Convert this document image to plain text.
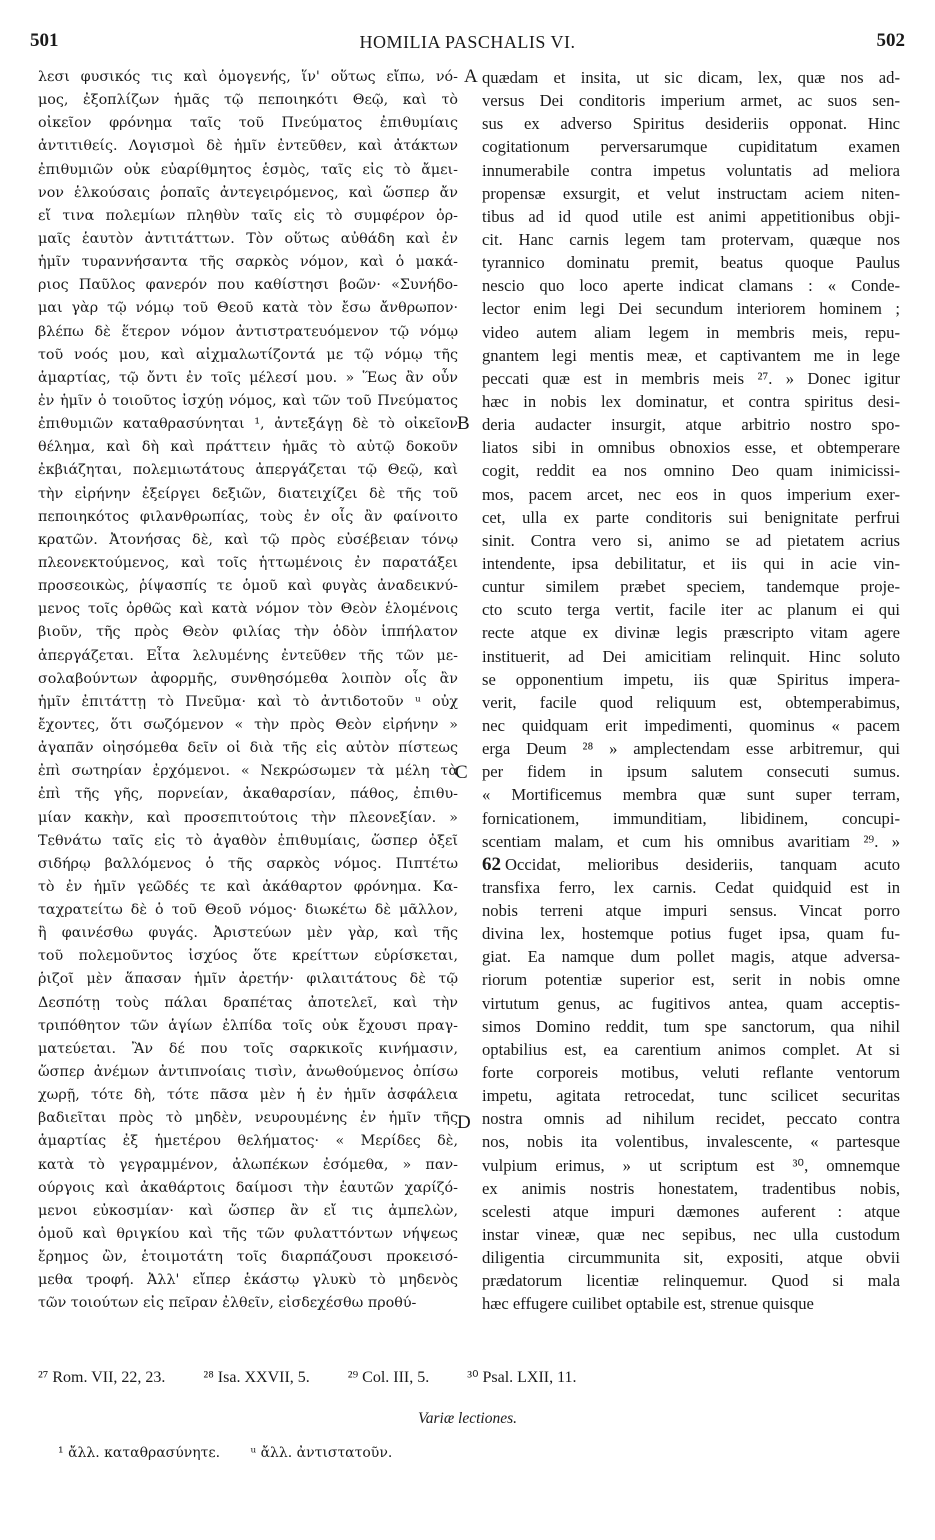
501	HOMILIA PASCHALIS VI.	502
λεσι φυσικός τις καὶ ὁμογενής, ἵν' οὕτως εἴπω, νό-
μος, ἐξοπλίζων ἡμᾶς τῷ πεποιηκότι Θεῷ, καὶ τὸ
οἰκεῖον φρόνημα ταῖς τοῦ Πνεύματος ἐπιθυμίαις
ἀντιτιθείς. Λογισμοὶ δὲ ἡμῖν ἐντεῦθεν, καὶ ἀτάκτων
ἐπιθυμιῶν οὐκ εὐαρίθμητος ἑσμὸς, ταῖς εἰς τὸ ἄμει-
νον ἑλκούσαις ῥοπαῖς ἀντεγειρόμενος, καὶ ὥσπερ ἄν
εἴ τινα πολεμίων πληθὺν ταῖς εἰς τὸ συμφέρον ὁρ-
μαῖς ἑαυτὸν ἀντιτάττων. Τὸν οὕτως αὐθάδη καὶ ἐν
ἡμῖν τυραννήσαντα τῆς σαρκὸς νόμον, καὶ ὁ μακά-
ριος Παῦλος φανερόν που καθίστησι βοῶν· «Συνήδο-
μαι γὰρ τῷ νόμῳ τοῦ Θεοῦ κατὰ τὸν ἔσω ἄνθρωπον·
βλέπω δὲ ἕτερον νόμον ἀντιστρατευόμενον τῷ νόμῳ
τοῦ νοός μου, καὶ αἰχμαλωτίζοντά με τῷ νόμῳ τῆς
ἁμαρτίας, τῷ ὄντι ἐν τοῖς μέλεσί μου. » Ἕως ἂν οὖν
ἐν ἡμῖν ὁ τοιοῦτος ἰσχύῃ νόμος, καὶ τῶν τοῦ Πνεύματος
ἐπιθυμιῶν καταθρασύνηται ¹, ἀντεξάγῃ δὲ τὸ οἰκεῖον
θέλημα, καὶ δὴ καὶ πράττειν ἡμᾶς τὸ αὐτῷ δοκοῦν
ἐκβιάζηται, πολεμιωτάτους ἀπεργάζεται τῷ Θεῷ, καὶ
τὴν εἰρήνην ἐξείργει δεξιῶν, διατειχίζει δὲ τῆς τοῦ
πεποιηκότος φιλανθρωπίας, τοὺς ἐν οἷς ἂν φαίνοιτο
κρατῶν. Ἀτονήσας δὲ, καὶ τῷ πρὸς εὐσέβειαν τόνῳ
πλεονεκτούμενος, καὶ τοῖς ἡττωμένοις ἐν παρατάξει
προσεοικὼς, ῥίψασπίς τε ὁμοῦ καὶ φυγὰς ἀναδεικνύ-
μενος τοῖς ὀρθῶς καὶ κατὰ νόμον τὸν Θεὸν ἑλομένοις
βιοῦν, τῆς πρὸς Θεὸν φιλίας τὴν ὁδὸν ἱππήλατον
ἀπεργάζεται. Εἶτα λελυμένης ἐντεῦθεν τῆς τῶν με-
σολαβούντων ἀφορμῆς, συνθησόμεθα λοιπὸν οἷς ἂν
ἡμῖν ἐπιτάττῃ τὸ Πνεῦμα· καὶ τὸ ἀντιδοτοῦν ᵘ οὐχ
ἔχοντες, ὅτι σωζόμενον « τὴν πρὸς Θεὸν εἰρήνην »
ἀγαπᾶν οἰησόμεθα δεῖν οἱ διὰ τῆς εἰς αὐτὸν πίστεως
ἐπὶ σωτηρίαν ἐρχόμενοι. « Νεκρώσωμεν τὰ μέλη τὰ
ἐπὶ τῆς γῆς, πορνείαν, ἀκαθαρσίαν, πάθος, ἐπιθυ-
μίαν κακὴν, καὶ προσεπιτούτοις τὴν πλεονεξίαν. »
Τεθνάτω ταῖς εἰς τὸ ἀγαθὸν ἐπιθυμίαις, ὥσπερ ὀξεῖ
σιδήρῳ βαλλόμενος ὁ τῆς σαρκὸς νόμος. Πιπτέτω
τὸ ἐν ἡμῖν γεῶδές τε καὶ ἀκάθαρτον φρόνημα. Κα-
ταχρατείτω δὲ ὁ τοῦ Θεοῦ νόμος· διωκέτω δὲ μᾶλλον,
ἢ φαινέσθω φυγάς. Ἀριστεύων μὲν γὰρ, καὶ τῆς
τοῦ πολεμοῦντος ἰσχύος ὅτε κρείττων εὑρίσκεται,
ῥιζοῖ μὲν ἅπασαν ἡμῖν ἀρετήν· φιλαιτάτους δὲ τῷ
Δεσπότῃ τοὺς πάλαι δραπέτας ἀποτελεῖ, καὶ τὴν
τριπόθητον τῶν ἁγίων ἐλπίδα τοῖς οὐκ ἔχουσι πραγ-
ματεύεται. Ἂν δέ που τοῖς σαρκικοῖς κινήμασιν,
ὥσπερ ἀνέμων ἀντιπνοίαις τισὶν, ἀνωθούμενος ὀπίσω
χωρῇ, τότε δὴ, τότε πᾶσα μὲν ἡ ἐν ἡμῖν ἀσφάλεια
βαδιεῖται πρὸς τὸ μηδὲν, νευρουμένης ἐν ἡμῖν τῆς
ἁμαρτίας ἐξ ἡμετέρου θελήματος· « Μερίδες δὲ,
κατὰ τὸ γεγραμμένον, ἀλωπέκων ἐσόμεθα, » παν-
ούργοις καὶ ἀκαθάρτοις δαίμοσι τὴν ἑαυτῶν χαρίζό-
μενοι εὐκοσμίαν· καὶ ὥσπερ ἂν εἴ τις ἀμπελὼν,
ὁμοῦ καὶ θριγκίου καὶ τῆς τῶν φυλαττόντων νήψεως
ἔρημος ὢν, ἑτοιμοτάτη τοῖς διαρπάζουσι προκεισό-
μεθα τροφή. Ἀλλ' εἴπερ ἑκάστῳ γλυκὺ τὸ μηδενὸς
τῶν τοιούτων εἰς πεῖραν ἐλθεῖν, εἰσδεχέσθω προθύ-
quædam et insita, ut sic dicam, lex, quæ nos ad-
versus Dei conditoris imperium armet, ac suos sen-
sus ex adverso Spiritus desideriis opponat. Hinc
cogitationum perversarumque cupiditatum examen
innumerabile contra impetus voluntatis ad meliora
propensæ exsurgit, et velut instructam aciem niten-
tibus ad id quod utile est animi appetitionibus obji-
cit. Hanc carnis legem tam protervam, quæque nos
tyrannico dominatu premit, beatus quoque Paulus
nescio quo loco aperte indicat clamans : « Conde-
lector enim legi Dei secundum interiorem hominem ;
video autem aliam legem in membris meis, repu-
gnantem legi mentis meæ, et captivantem me in lege
peccati quæ est in membris meis ²⁷. » Donec igitur
hæc in nobis lex dominatur, et contra spiritus desi-
deria audacter insurgit, atque arbitrio nostro spo-
liatos sibi in omnibus obnoxios esse, et obtemperare
cogit, reddit ea nos omnino Deo quam inimicissi-
mos, pacem arcet, nec eos in quos imperium exer-
cet, ulla ex parte conditoris sui benignitate perfrui
sinit. Contra vero si, animo se ad pietatem acrius
intendente, ipsa debilitatur, et iis qui in acie vin-
cuntur similem præbet speciem, tandemque proje-
cto scuto terga vertit, facile iter ac planum ei qui
recte atque ex divinæ legis præscripto vitam agere
instituerit, ad Dei amicitiam relinquit. Hinc soluto
se opponentium impetu, iis quæ Spiritus impera-
verit, facile quod reliquum est, obtemperabimus,
nec quidquam erit impedimenti, quominus « pacem
erga Deum ²⁸ » amplectendam esse arbitremur, qui
per fidem in ipsum salutem consecuti sumus.
« Mortificemus membra quæ sunt super terram,
fornicationem, immunditiam, libidinem, concupi-
scentiam malam, et cum his omnibus avaritiam ²⁹. »
62 Occidat, melioribus desideriis, tanquam acuto
transfixa ferro, lex carnis. Cedat quidquid est in
nobis terreni atque impuri sensus. Vincat porro
divina lex, hostemque potius fuget ipsa, quam fu-
giat. Ea namque dum pollet magis, atque adversa-
riorum potentiæ superior est, serit in nobis omne
virtutum genus, ac fugitivos antea, quam acceptis-
simos Domino reddit, tum spe sanctorum, qua nihil
optabilius est, ea carentium animos complet. At si
forte corporeis motibus, veluti reflante ventorum
impetu, agitata retrocedat, tunc scilicet securitas
nostra omnis ad nihilum recidet, peccato contra
nos, nobis ita volentibus, invalescente, « partesque
vulpium erimus, » ut scriptum est ³⁰, omnemque
ex animis nostris honestatem, tradentibus nobis,
scelesti atque impuri dæmones auferent : atque
instar vineæ, quæ nec sepibus, nec ulla custodum
diligentia circummunita sit, expositi, atque obvii
prædatorum licentiæ relinquemur. Quod si mala
hæc effugere cuilibet optabile est, strenue quisque
A
B
C
D
²⁷ Rom. VII, 22, 23. ²⁸ Isa. XXVII, 5. ²⁹ Col. III, 5. ³⁰ Psal. LXII, 11.
Variæ lectiones.
¹ ἄλλ. καταθρασύνητε. ᵘ ἄλλ. ἀντιστατοῦν.
